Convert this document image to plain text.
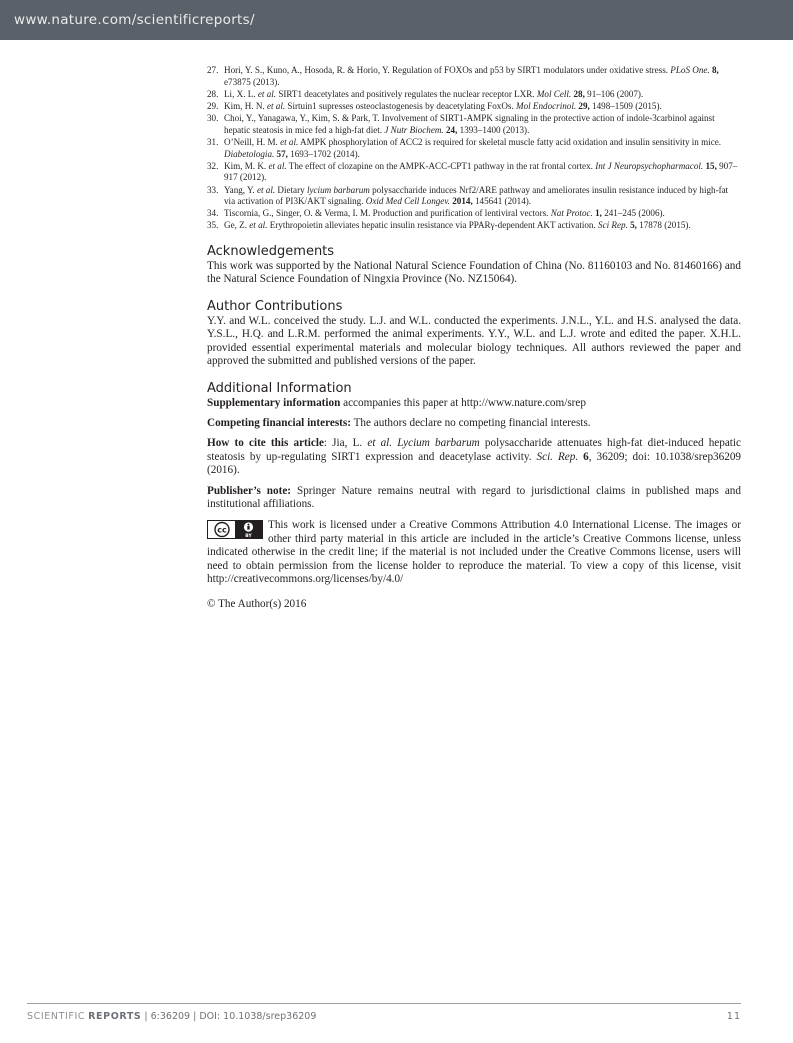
www.nature.com/scientificreports/
27. Hori, Y. S., Kuno, A., Hosoda, R. & Horio, Y. Regulation of FOXOs and p53 by SIRT1 modulators under oxidative stress. PLoS One. 8, e73875 (2013).
28. Li, X. L. et al. SIRT1 deacetylates and positively regulates the nuclear receptor LXR. Mol Cell. 28, 91–106 (2007).
29. Kim, H. N. et al. Sirtuin1 supresses osteoclastogenesis by deacetylating FoxOs. Mol Endocrinol. 29, 1498–1509 (2015).
30. Choi, Y., Yanagawa, Y., Kim, S. & Park, T. Involvement of SIRT1-AMPK signaling in the protective action of indole-3carbinol against hepatic steatosis in mice fed a high-fat diet. J Nutr Biochem. 24, 1393–1400 (2013).
31. O’Neill, H. M. et al. AMPK phosphorylation of ACC2 is required for skeletal muscle fatty acid oxidation and insulin sensitivity in mice. Diabetologia. 57, 1693–1702 (2014).
32. Kim, M. K. et al. The effect of clozapine on the AMPK-ACC-CPT1 pathway in the rat frontal cortex. Int J Neuropsychopharmacol. 15, 907–917 (2012).
33. Yang, Y. et al. Dietary lycium barbarum polysaccharide induces Nrf2/ARE pathway and ameliorates insulin resistance induced by high-fat via activation of PI3K/AKT signaling. Oxid Med Cell Longev. 2014, 145641 (2014).
34. Tiscornia, G., Singer, O. & Verma, I. M. Production and purification of lentiviral vectors. Nat Protoc. 1, 241–245 (2006).
35. Ge, Z. et al. Erythropoietin alleviates hepatic insulin resistance via PPARγ-dependent AKT activation. Sci Rep. 5, 17878 (2015).
Acknowledgements

This work was supported by the National Natural Science Foundation of China (No. 81160103 and No. 81460166) and the Natural Science Foundation of Ningxia Province (No. NZ15064).

Author Contributions

Y.Y. and W.L. conceived the study. L.J. and W.L. conducted the experiments. J.N.L., Y.L. and H.S. analysed the data. Y.S.L., H.Q. and L.R.M. performed the animal experiments. Y.Y., W.L. and L.J. wrote and edited the paper. X.H.L. provided essential experimental materials and molecular biology techniques. All authors reviewed the paper and approved the submitted and published versions of the paper.

Additional Information

Supplementary information accompanies this paper at http://www.nature.com/srep

Competing financial interests: The authors declare no competing financial interests.

How to cite this article: Jia, L. et al. Lycium barbarum polysaccharide attenuates high-fat diet-induced hepatic steatosis by up-regulating SIRT1 expression and deacetylase activity. Sci. Rep. 6, 36209; doi: 10.1038/srep36209 (2016).

Publisher’s note: Springer Nature remains neutral with regard to jurisdictional claims in published maps and institutional affiliations.

cc
BY
This work is licensed under a Creative Commons Attribution 4.0 International License. The images or other third party material in this article are included in the article’s Creative Commons license, unless indicated otherwise in the credit line; if the material is not included under the Creative Commons license, users will need to obtain permission from the license holder to reproduce the material. To view a copy of this license, visit http://creativecommons.org/licenses/by/4.0/

© The Author(s) 2016

SCIENTIFIC REPORTS | 6:36209 | DOI: 10.1038/srep36209	11
